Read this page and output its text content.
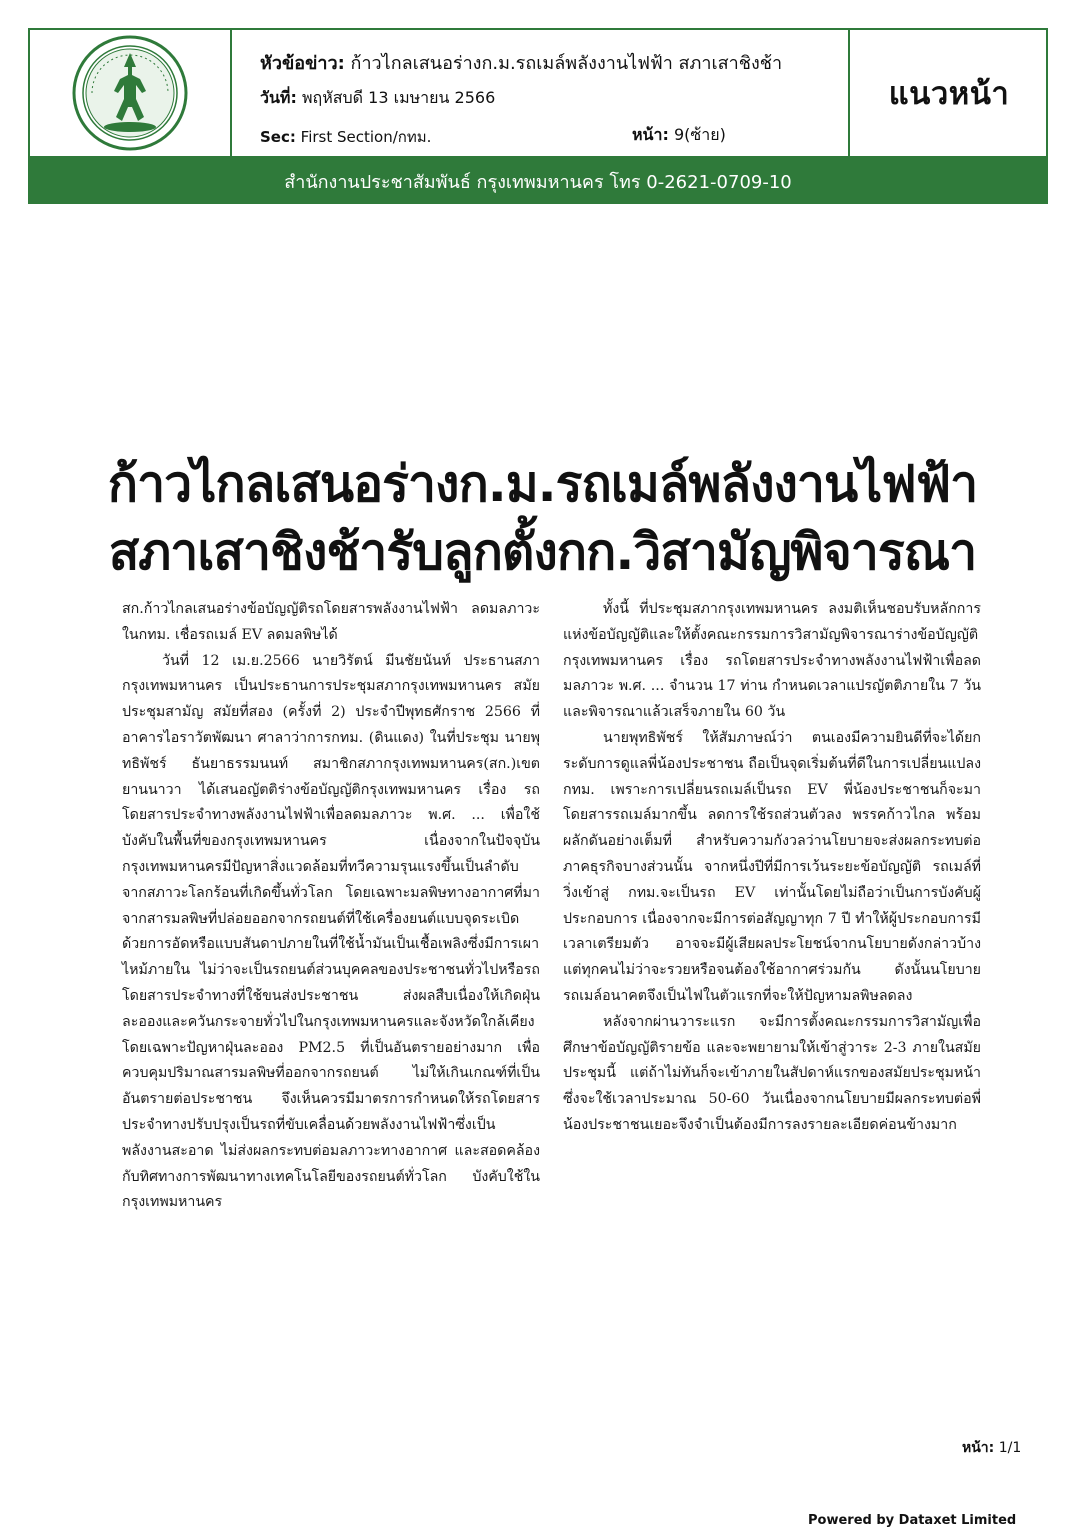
หัวข้อข่าว: ก้าวไกลเสนอร่างก.ม.รถเมล์พลังงานไฟฟ้า สภาเสาชิงช้า
วันที่: พฤหัสบดี 13 เมษายน 2566
Sec: First Section/กทม.	หน้า: 9(ซ้าย)
แนวหน้า
สำนักงานประชาสัมพันธ์ กรุงเทพมหานคร โทร 0-2621-0709-10
ก้าวไกลเสนอร่างก.ม.รถเมล์พลังงานไฟฟ้า
สภาเสาชิงช้ารับลูกตั้งกก.วิสามัญพิจารณา

สก.ก้าวไกลเสนอร่างข้อบัญญัติรถโดยสารพลังงานไฟฟ้า ลดมลภาวะในกทม. เชื่อรถเมล์ EV ลดมลพิษได้

วันที่ 12 เม.ย.2566 นายวิรัตน์ มีนชัยนันท์ ประธานสภากรุงเทพมหานคร เป็นประธานการประชุมสภากรุงเทพมหานคร สมัยประชุมสามัญ สมัยที่สอง (ครั้งที่ 2) ประจำปีพุทธศักราช 2566 ที่อาคารไอราวัตพัฒนา ศาลาว่าการกทม. (ดินแดง) ในที่ประชุม นายพุทธิพัชร์ ธันยาธรรมนนท์ สมาชิกสภากรุงเทพมหานคร(สก.)เขตยานนาวา ได้เสนอญัตติร่างข้อบัญญัติกรุงเทพมหานคร เรื่อง รถโดยสารประจำทางพลังงานไฟฟ้าเพื่อลดมลภาวะ พ.ศ. ... เพื่อใช้บังคับในพื้นที่ของกรุงเทพมหานคร เนื่องจากในปัจจุบันกรุงเทพมหานครมีปัญหาสิ่งแวดล้อมที่ทวีความรุนแรงขึ้นเป็นลำดับ จากสภาวะโลกร้อนที่เกิดขึ้นทั่วโลก โดยเฉพาะมลพิษทางอากาศที่มาจากสารมลพิษที่ปล่อยออกจากรถยนต์ที่ใช้เครื่องยนต์แบบจุดระเบิดด้วยการอัดหรือแบบสันดาปภายในที่ใช้น้ำมันเป็นเชื้อเพลิงซึ่งมีการเผาไหม้ภายใน ไม่ว่าจะเป็นรถยนต์ส่วนบุคคลของประชาชนทั่วไปหรือรถโดยสารประจำทางที่ใช้ขนส่งประชาชน ส่งผลสืบเนื่องให้เกิดฝุ่นละอองและควันกระจายทั่วไปในกรุงเทพมหานครและจังหวัดใกล้เคียง โดยเฉพาะปัญหาฝุ่นละออง PM2.5 ที่เป็นอันตรายอย่างมาก เพื่อควบคุมปริมาณสารมลพิษที่ออกจากรถยนต์ ไม่ให้เกินเกณฑ์ที่เป็นอันตรายต่อประชาชน จึงเห็นควรมีมาตรการกำหนดให้รถโดยสารประจำทางปรับปรุงเป็นรถที่ขับเคลื่อนด้วยพลังงานไฟฟ้าซึ่งเป็นพลังงานสะอาด ไม่ส่งผลกระทบต่อมลภาวะทางอากาศ และสอดคล้องกับทิศทางการพัฒนาทางเทคโนโลยีของรถยนต์ทั่วโลก บังคับใช้ในกรุงเทพมหานคร

ทั้งนี้ ที่ประชุมสภากรุงเทพมหานคร ลงมติเห็นชอบรับหลักการแห่งข้อบัญญัติและให้ตั้งคณะกรรมการวิสามัญพิจารณาร่างข้อบัญญัติกรุงเทพมหานคร เรื่อง รถโดยสารประจำทางพลังงานไฟฟ้าเพื่อลดมลภาวะ พ.ศ. ... จำนวน 17 ท่าน กำหนดเวลาแปรญัตติภายใน 7 วัน และพิจารณาแล้วเสร็จภายใน 60 วัน

นายพุทธิพัชร์ ให้สัมภาษณ์ว่า ตนเองมีความยินดีที่จะได้ยกระดับการดูแลพี่น้องประชาชน ถือเป็นจุดเริ่มต้นที่ดีในการเปลี่ยนแปลง กทม. เพราะการเปลี่ยนรถเมล์เป็นรถ EV พี่น้องประชาชนก็จะมาโดยสารรถเมล์มากขึ้น ลดการใช้รถส่วนตัวลง พรรคก้าวไกล พร้อมผลักดันอย่างเต็มที่ สำหรับความกังวลว่านโยบายจะส่งผลกระทบต่อภาคธุรกิจบางส่วนนั้น จากหนึ่งปีที่มีการเว้นระยะข้อบัญญัติ รถเมล์ที่วิ่งเข้าสู่ กทม.จะเป็นรถ EV เท่านั้นโดยไม่ถือว่าเป็นการบังคับผู้ประกอบการ เนื่องจากจะมีการต่อสัญญาทุก 7 ปี ทำให้ผู้ประกอบการมีเวลาเตรียมตัว อาจจะมีผู้เสียผลประโยชน์จากนโยบายดังกล่าวบ้าง แต่ทุกคนไม่ว่าจะรวยหรือจนต้องใช้อากาศร่วมกัน ดังนั้นนโยบายรถเมล์อนาคตจึงเป็นไฟในตัวแรกที่จะให้ปัญหามลพิษลดลง

หลังจากผ่านวาระแรก จะมีการตั้งคณะกรรมการวิสามัญเพื่อศึกษาข้อบัญญัติรายข้อ และจะพยายามให้เข้าสู่วาระ 2-3 ภายในสมัยประชุมนี้ แต่ถ้าไม่ทันก็จะเข้าภายในสัปดาห์แรกของสมัยประชุมหน้า ซึ่งจะใช้เวลาประมาณ 50-60 วันเนื่องจากนโยบายมีผลกระทบต่อพี่น้องประชาชนเยอะจึงจำเป็นต้องมีการลงรายละเอียดค่อนข้างมาก

หน้า: 1/1
Powered by Dataxet Limited
